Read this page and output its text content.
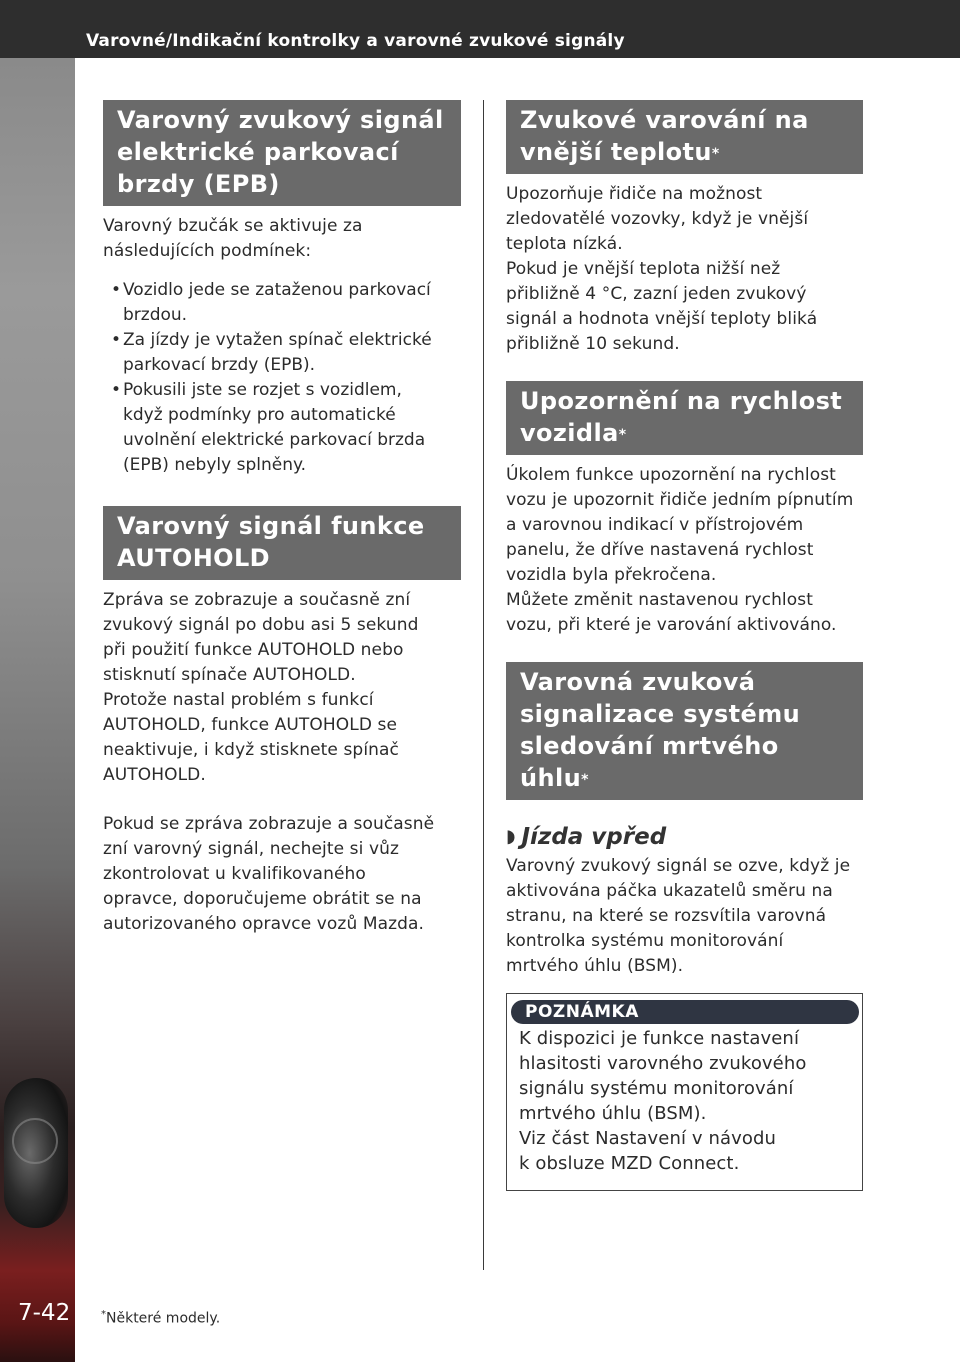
Varovné/Indikační kontrolky a varovné zvukové signály
7-42	*Některé modely.
Varovný zvukový signál
elektrické parkovací
brzdy (EPB)
Varovný bzučák se aktivuje za
následujících podmínek:
• Vozidlo jede se zataženou parkovací
brzdou.
• Za jízdy je vytažen spínač elektrické
parkovací brzdy (EPB).
• Pokusili jste se rozjet s vozidlem,
když podmínky pro automatické
uvolnění elektrické parkovací brzda
(EPB) nebyly splněny.
Varovný signál funkce
AUTOHOLD
Zpráva se zobrazuje a současně zní
zvukový signál po dobu asi 5 sekund
při použití funkce AUTOHOLD nebo
stisknutí spínače AUTOHOLD.
Protože nastal problém s funkcí
AUTOHOLD, funkce AUTOHOLD se
neaktivuje, i když stisknete spínač
AUTOHOLD.
Pokud se zpráva zobrazuje a současně
zní varovný signál, nechejte si vůz
zkontrolovat u kvalifikovaného
opravce, doporučujeme obrátit se na
autorizovaného opravce vozů Mazda.
Zvukové varování na
vnější teplotu*
Upozorňuje řidiče na možnost
zledovatělé vozovky, když je vnější
teplota nízká.
Pokud je vnější teplota nižší než
přibližně 4 °C, zazní jeden zvukový
signál a hodnota vnější teploty bliká
přibližně 10 sekund.
Upozornění na rychlost
vozidla*
Úkolem funkce upozornění na rychlost
vozu je upozornit řidiče jedním pípnutím
a varovnou indikací v přístrojovém
panelu, že dříve nastavená rychlost
vozidla byla překročena.
Můžete změnit nastavenou rychlost
vozu, při které je varování aktivováno.
Varovná zvuková
signalizace systému
sledování mrtvého úhlu*
◗ Jízda vpřed
Varovný zvukový signál se ozve, když je
aktivována páčka ukazatelů směru na
stranu, na které se rozsvítila varovná
kontrolka systému monitorování
mrtvého úhlu (BSM).
POZNÁMKA
K dispozici je funkce nastavení
hlasitosti varovného zvukového
signálu systému monitorování
mrtvého úhlu (BSM).
Viz část Nastavení v návodu
k obsluze MZD Connect.
